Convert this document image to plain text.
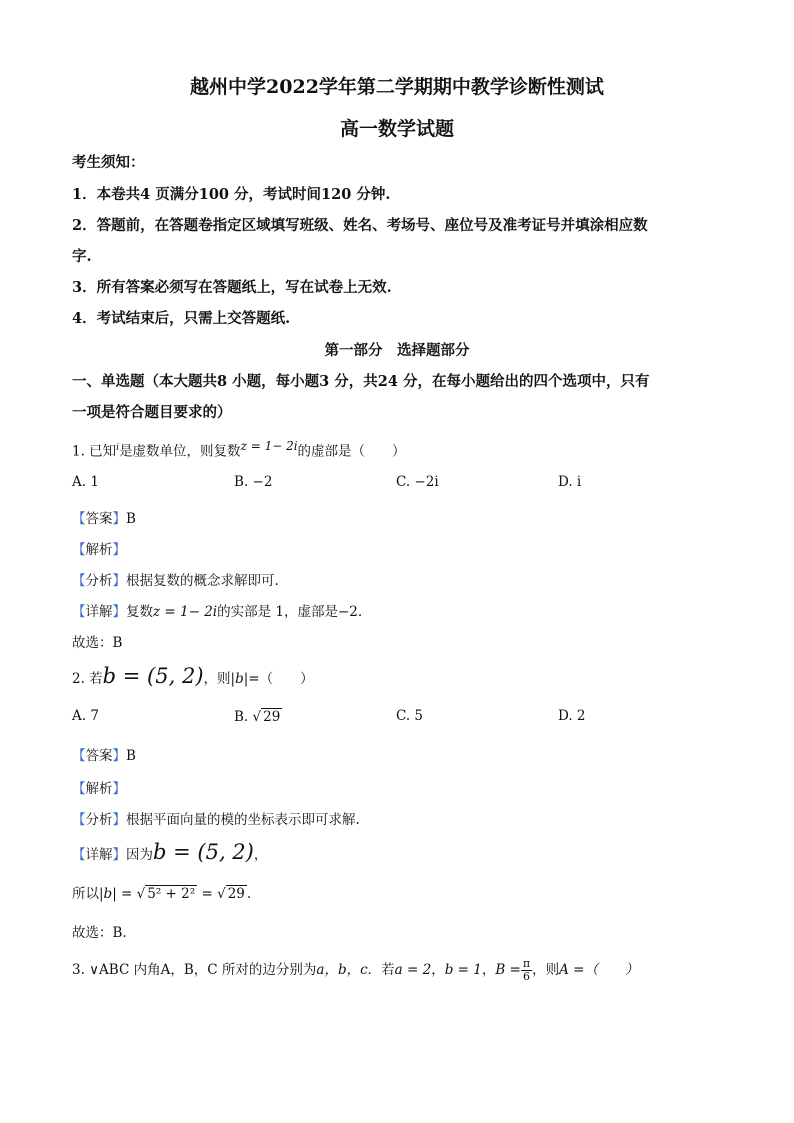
越州中学2022学年第二学期期中教学诊断性测试
高一数学试题
考生须知：
1．本卷共4 页满分100 分，考试时间120 分钟.
2．答题前，在答题卷指定区域填写班级、姓名、考场号、座位号及准考证号并填涂相应数
字.
3．所有答案必须写在答题纸上，写在试卷上无效.
4．考试结束后，只需上交答题纸.
第一部分　选择题部分
一、单选题（本大题共8 小题，每小题3 分，共24 分，在每小题给出的四个选项中，只有
一项是符合题目要求的）
1. 已知$^i$是虚数单位，则复数$^{z = 1- 2i}$的虚部是（　　）
A. 1	B. −2	C. −2i	D. i
【答案】B
【解析】
【分析】根据复数的概念求解即可.
【详解】复数z = 1− 2i的实部是 1，虚部是−2.
故选：B
2. 若b = (5, 2)，则|b|=（　　）
A. 7	B. √ 29	C. 5	D. 2
【答案】B
【解析】
【分析】根据平面向量的模的坐标表示即可求解.
【详解】因为b = (5, 2)，
所以|b| = √ 5² + 2² = √ 29 .
故选：B.
3. ∨ABC 内角A，B，C 所对的边分别为a，b，c．若a = 2，b = 1，$B = \frac{\pi}{6}$ ，则A =（　　）
